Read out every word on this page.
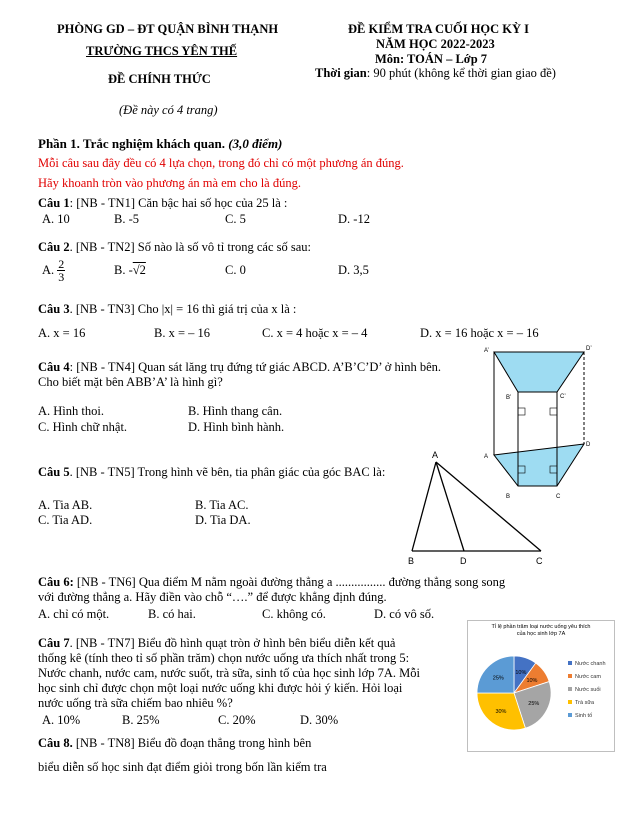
PHÒNG GD – ĐT QUẬN BÌNH THẠNH
TRƯỜNG THCS YÊN THẾ
ĐỀ CHÍNH THỨC
(Đề này có 4 trang)
ĐỀ KIỂM TRA CUỐI HỌC KỲ I
NĂM HỌC 2022-2023
Môn: TOÁN – Lớp 7
Thời gian: 90 phút (không kể thời gian giao đề)
Phần 1. Trắc nghiệm khách quan. (3,0 điểm)
Mỗi câu sau đây đều có 4 lựa chọn, trong đó chỉ có một phương án đúng.
Hãy khoanh tròn vào phương án mà em cho là đúng.
Câu 1: [NB - TN1] Căn bậc hai số học của 25 là :
A. 10	B. -5	C. 5	D. -12
Câu 2. [NB - TN2] Số nào là số vô tỉ trong các số sau:
A. $\frac{2}{3}$	B. -√2	C. 0	D. 3,5
Câu 3. [NB - TN3] Cho |x| = 16 thì giá trị của x là :
A. x = 16	B. x = – 16	C. x = 4 hoặc x = – 4	D. x = 16 hoặc x = – 16
Câu 4: [NB - TN4] Quan sát lăng trụ đứng tứ giác ABCD. A’B’C’D’ ở hình bên.
Cho biết mặt bên ABB’A’ là hình gì?
A. Hình thoi.	B. Hình thang cân.
C. Hình chữ nhật.	D. Hình bình hành.
A’	D’
B’	C’
A
D
B	C
Câu 5. [NB - TN5] Trong hình vẽ bên, tia phân giác của góc BAC là:
A. Tia AB.	B. Tia AC.
C. Tia AD.	D. Tia DA.
A
B	D	C
Câu 6: [NB - TN6] Qua điểm M nằm ngoài đường thẳng a ................ đường thẳng song song
với đường thẳng a. Hãy điền vào chỗ “….” để được khẳng định đúng.
A. chỉ có một.	B. có hai.	C. không có.	D. có vô số.
Câu 7. [NB - TN7] Biểu đồ hình quạt tròn ở hình bên biểu diễn kết quả
thống kê (tính theo tỉ số phần trăm) chọn nước uống ưa thích nhất trong 5:
Nước chanh, nước cam, nước suốt, trà sữa, sinh tố của học sinh lớp 7A. Mỗi
học sinh chỉ được chọn một loại nước uống khi được hỏi ý kiến. Hỏi loại
nước uống trà sữa chiếm bao nhiêu %?
A. 10%	B. 25%	C. 20%	D. 30%
Tỉ lệ phần trăm loại nước uống yêu thích
của học sinh lớp 7A
10%
Nước chanh
10%
Nước cam
25%
Nước suối
30%
Trà sữa
25%
Sinh tố
Câu 8. [NB - TN8] Biểu đồ đoạn thẳng trong hình bên
biểu diễn số học sinh đạt điểm giỏi trong bốn lần kiểm tra
